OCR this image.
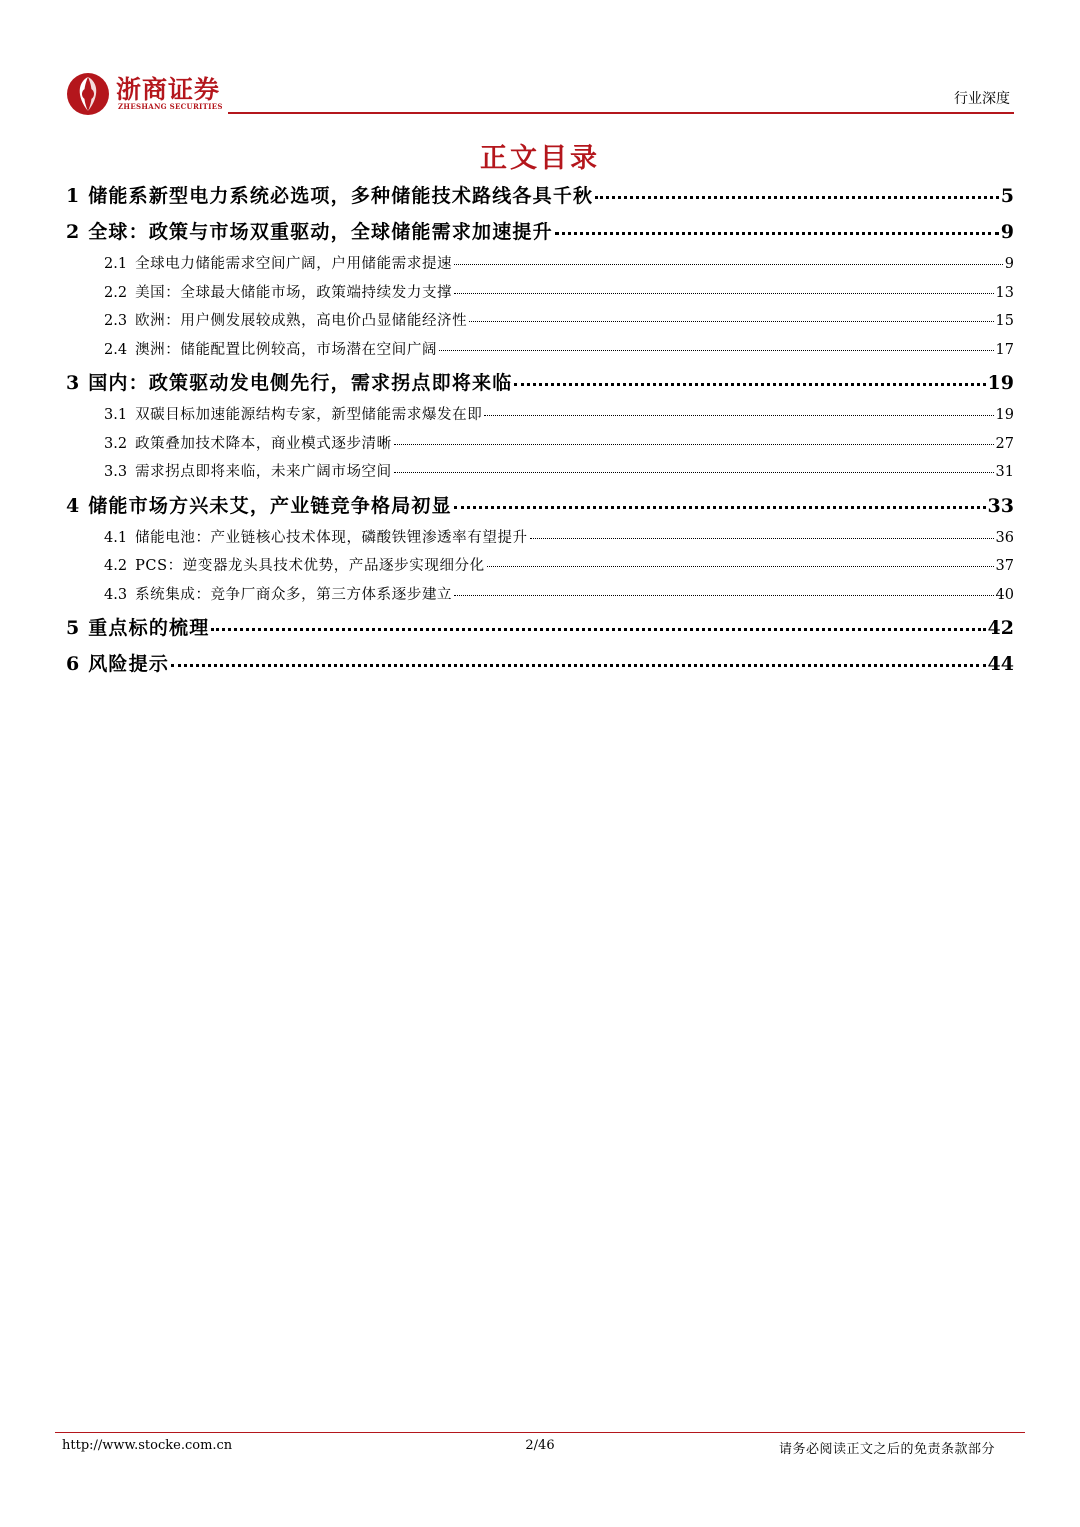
浙商证券
ZHESHANG SECURITIES	行业深度
正文目录
1 储能系新型电力系统必选项，多种储能技术路线各具千秋	5
2 全球：政策与市场双重驱动，全球储能需求加速提升	9
2.1 全球电力储能需求空间广阔，户用储能需求提速	9
2.2 美国：全球最大储能市场，政策端持续发力支撑	13
2.3 欧洲：用户侧发展较成熟，高电价凸显储能经济性	15
2.4 澳洲：储能配置比例较高，市场潜在空间广阔	17
3 国内：政策驱动发电侧先行，需求拐点即将来临	19
3.1 双碳目标加速能源结构专家，新型储能需求爆发在即	19
3.2 政策叠加技术降本，商业模式逐步清晰	27
3.3 需求拐点即将来临，未来广阔市场空间	31
4 储能市场方兴未艾，产业链竞争格局初显	33
4.1 储能电池：产业链核心技术体现，磷酸铁锂渗透率有望提升	36
4.2 PCS：逆变器龙头具技术优势，产品逐步实现细分化	37
4.3 系统集成：竞争厂商众多，第三方体系逐步建立	40
5 重点标的梳理	42
6 风险提示	44
http://www.stocke.com.cn	2/46	请务必阅读正文之后的免责条款部分
